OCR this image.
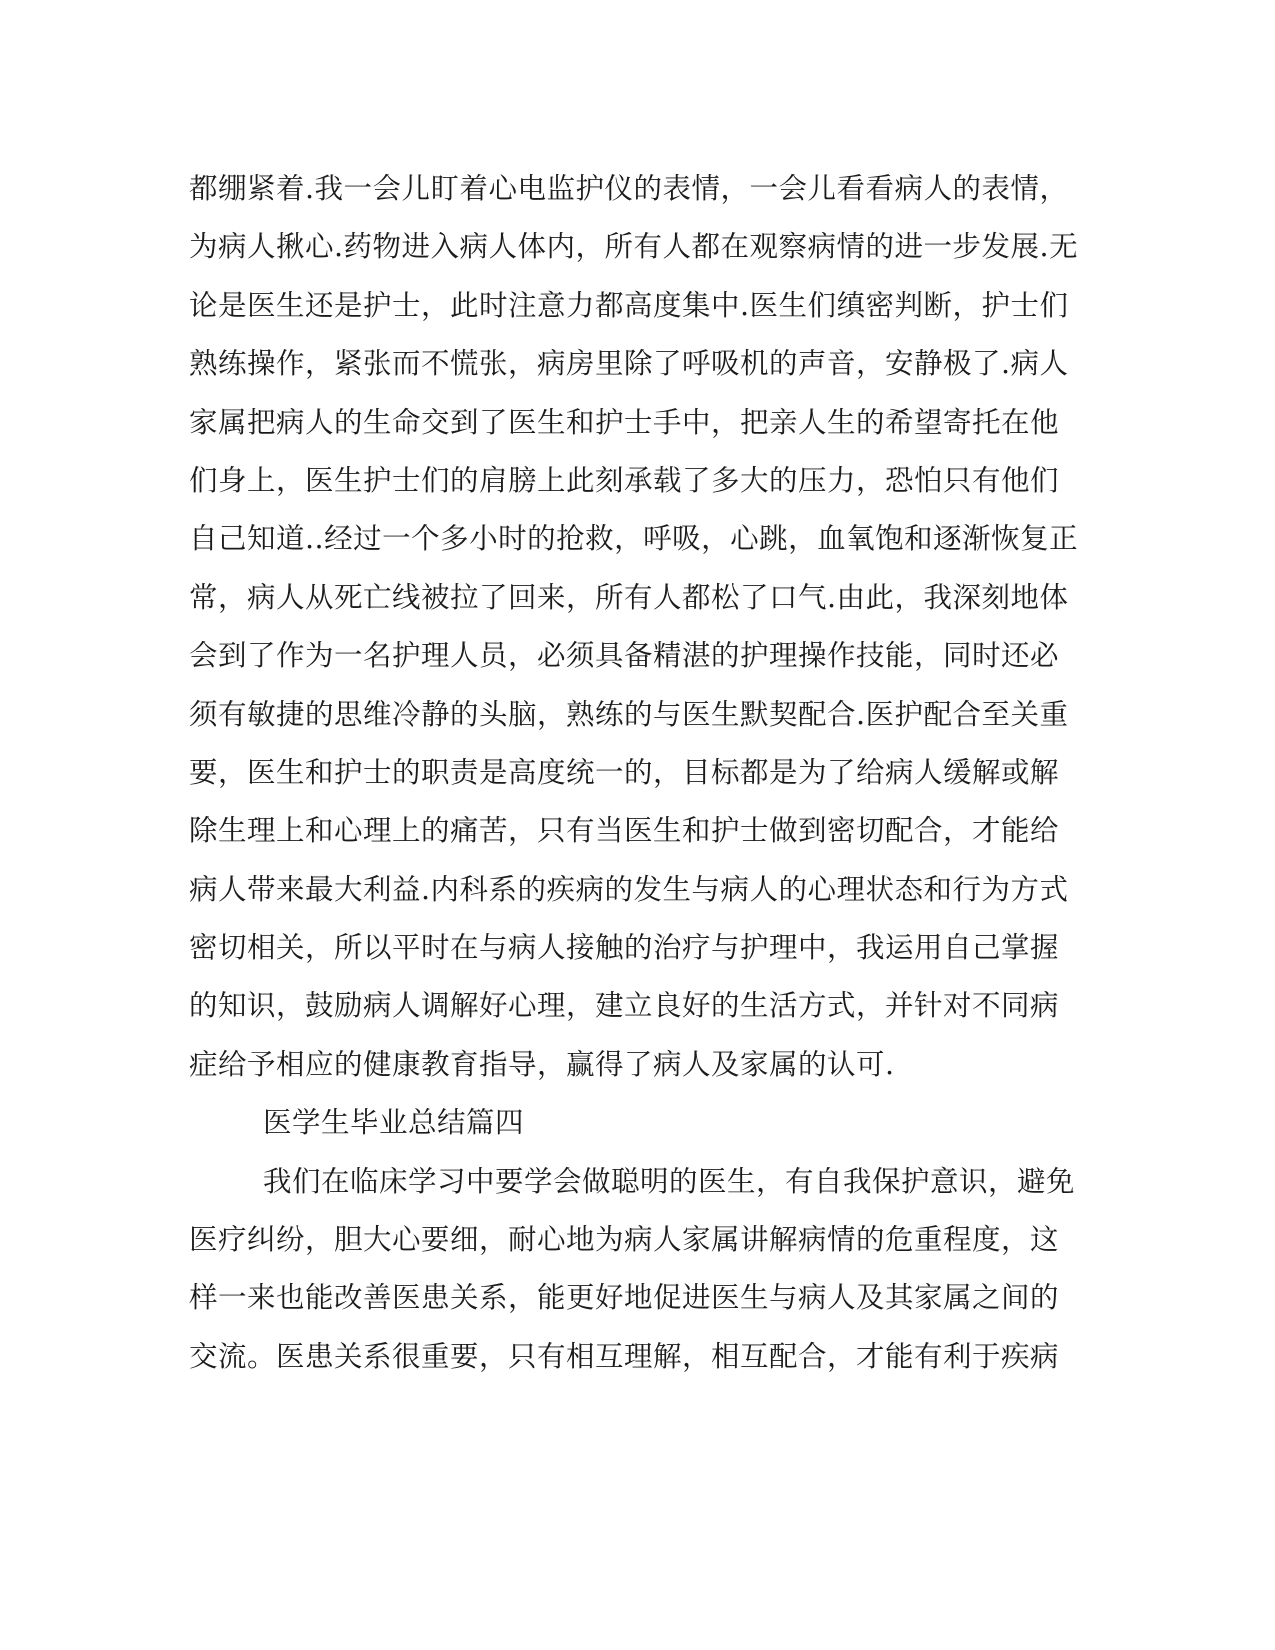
都绷紧着.我一会儿盯着心电监护仪的表情，一会儿看看病人的表情，
为病人揪心.药物进入病人体内，所有人都在观察病情的进一步发展.无
论是医生还是护士，此时注意力都高度集中.医生们缜密判断，护士们
熟练操作，紧张而不慌张，病房里除了呼吸机的声音，安静极了.病人
家属把病人的生命交到了医生和护士手中，把亲人生的希望寄托在他
们身上，医生护士们的肩膀上此刻承载了多大的压力，恐怕只有他们
自己知道..经过一个多小时的抢救，呼吸，心跳，血氧饱和逐渐恢复正
常，病人从死亡线被拉了回来，所有人都松了口气.由此，我深刻地体
会到了作为一名护理人员，必须具备精湛的护理操作技能，同时还必
须有敏捷的思维冷静的头脑，熟练的与医生默契配合.医护配合至关重
要，医生和护士的职责是高度统一的，目标都是为了给病人缓解或解
除生理上和心理上的痛苦，只有当医生和护士做到密切配合，才能给
病人带来最大利益.内科系的疾病的发生与病人的心理状态和行为方式
密切相关，所以平时在与病人接触的治疗与护理中，我运用自己掌握
的知识，鼓励病人调解好心理，建立良好的生活方式，并针对不同病
症给予相应的健康教育指导，赢得了病人及家属的认可.
医学生毕业总结篇四
我们在临床学习中要学会做聪明的医生，有自我保护意识，避免
医疗纠纷，胆大心要细，耐心地为病人家属讲解病情的危重程度，这
样一来也能改善医患关系，能更好地促进医生与病人及其家属之间的
交流。医患关系很重要，只有相互理解，相互配合，才能有利于疾病
